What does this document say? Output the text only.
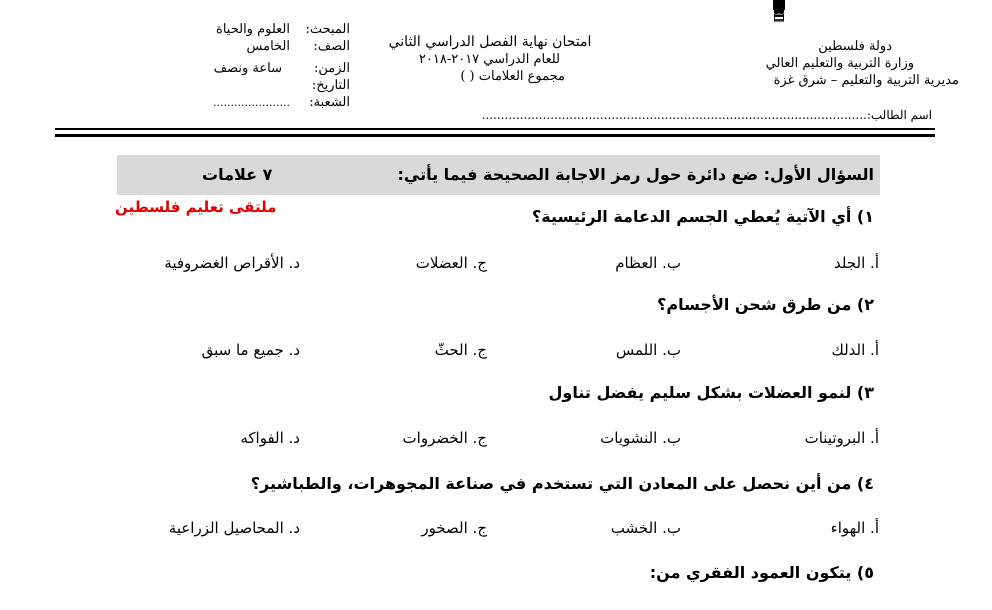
دولة فلسطين
وزارة التربية والتعليم العالي
مديرية التربية والتعليم – شرق غزة
امتحان نهاية الفصل الدراسي الثاني
للعام الدراسي ٢٠١٧-٢٠١٨
مجموع العلامات ( )
المبحث:
العلوم والحياة
الصف:
الخامس
الزمن:
ساعة ونصف
التاريخ:
الشعبة:
......................
اسم الطالب:.....................................................................................................
السؤال الأول: ضع دائرة حول رمز الاجابة الصحيحة فيما يأتي:
٧ علامات
ملتقى تعليم فلسطين	١) أي الآتية يُعطي الجسم الدعامة الرئيسية؟
أ. الجلد
ب. العظام
ج. العضلات
د. الأقراص الغضروفية
٢) من طرق شحن الأجسام؟
أ. الدلك
ب. اللمس
ج. الحثّ
د. جميع ما سبق
٣) لنمو العضلات بشكل سليم يفضل تناول
أ. البروتينات
ب. النشويات
ج. الخضروات
د. الفواكه
٤) من أين نحصل على المعادن التي تستخدم في صناعة المجوهرات، والطباشير؟
أ. الهواء
ب. الخشب
ج. الصخور
د. المحاصيل الزراعية
٥) يتكون العمود الفقري من:
